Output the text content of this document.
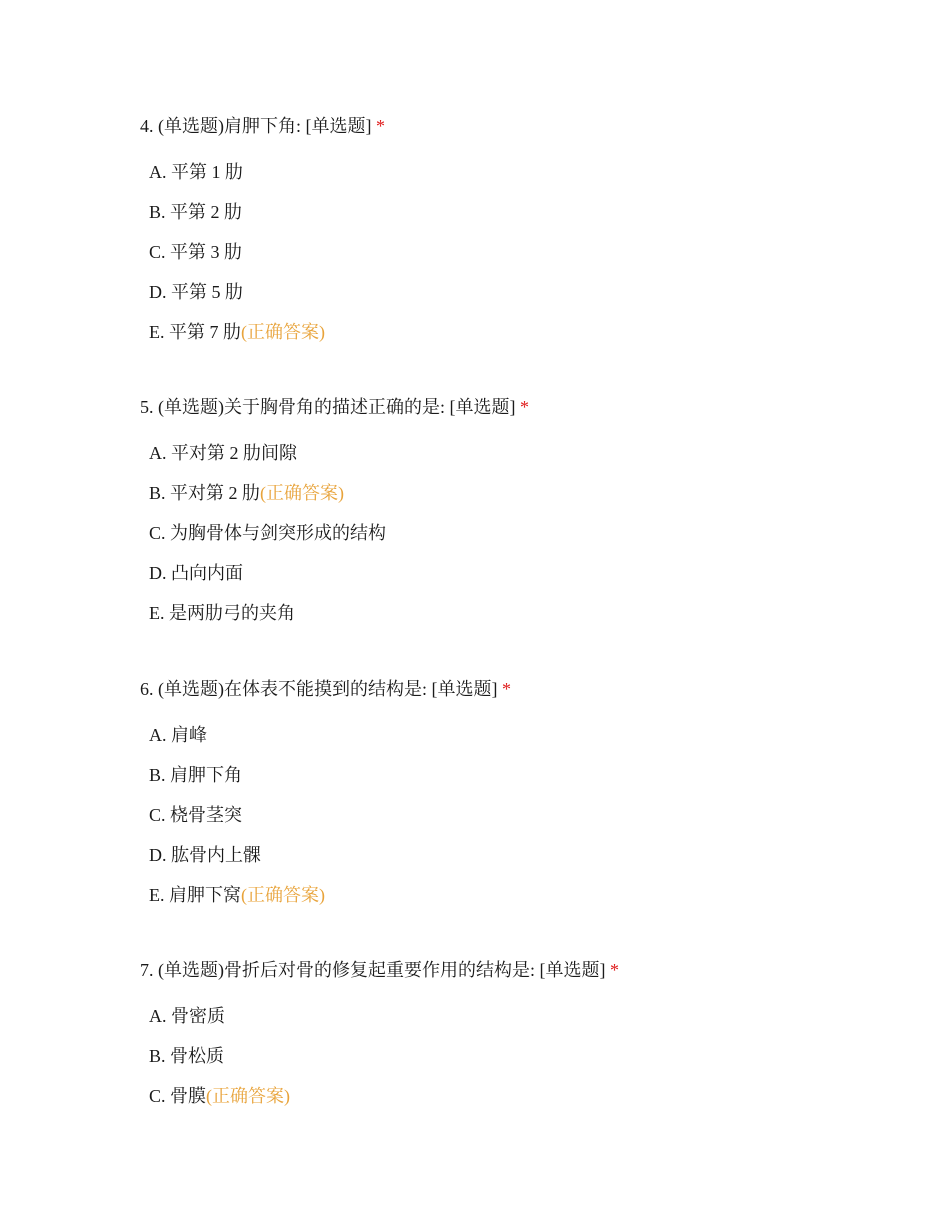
4. (单选题)肩胛下角: [单选题] *
A. 平第 1 肋
B. 平第 2 肋
C. 平第 3 肋
D. 平第 5 肋
E. 平第 7 肋(正确答案)
5. (单选题)关于胸骨角的描述正确的是: [单选题] *
A. 平对第 2 肋间隙
B. 平对第 2 肋(正确答案)
C. 为胸骨体与剑突形成的结构
D. 凸向内面
E. 是两肋弓的夹角
6. (单选题)在体表不能摸到的结构是: [单选题] *
A. 肩峰
B. 肩胛下角
C. 桡骨茎突
D. 肱骨内上髁
E. 肩胛下窝(正确答案)
7. (单选题)骨折后对骨的修复起重要作用的结构是: [单选题] *
A. 骨密质
B. 骨松质
C. 骨膜(正确答案)
